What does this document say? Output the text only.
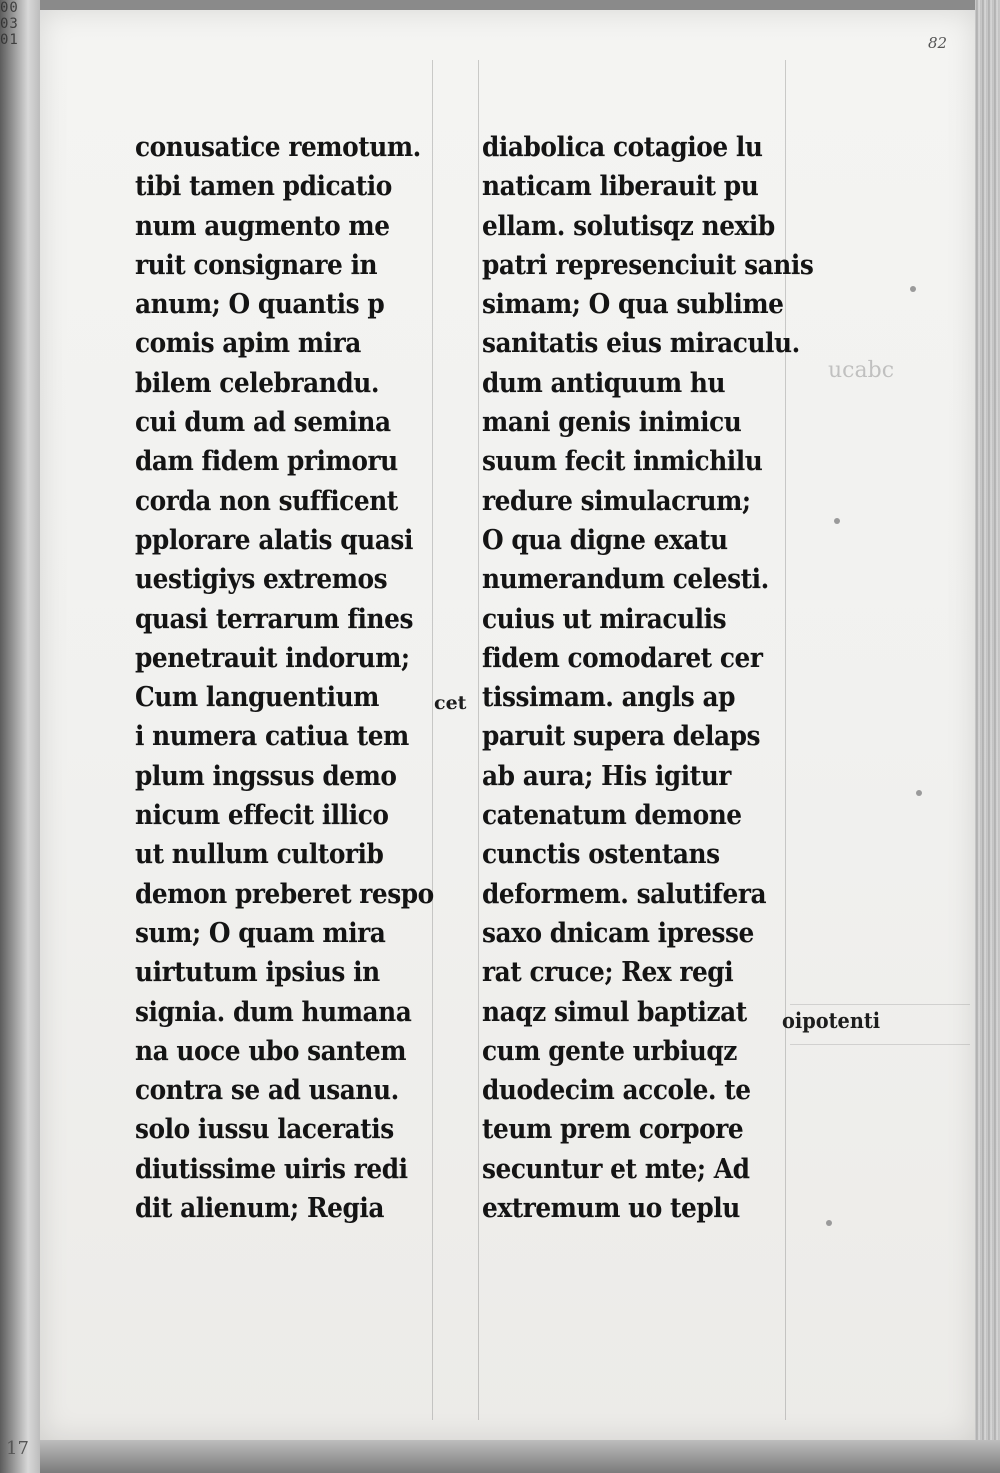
00 03 01
17
82
ucabc
conusatice remotum.
tibi tamen pdicatio
num augmento me
ruit consignare in
anum; O quantis p
comis apim mira
bilem celebrandu.
cui dum ad semina
dam fidem primoru
corda non sufficent
pplorare alatis quasi
uestigiys extremos
quasi terrarum fines
penetrauit indorum;
Cum languentium
i numera catiua tem
plum ingssus demo
nicum effecit illico
ut nullum cultorib
demon preberet respo
sum; O quam mira
uirtutum ipsius in
signia. dum humana
na uoce ubo santem
contra se ad usanu.
solo iussu laceratis
diutissime uiris redi
dit alienum; Regia
diabolica cotagioe lu
naticam liberauit pu
ellam. solutisqz nexib
patri represenciuit sanis
simam; O qua sublime
sanitatis eius miraculu.
dum antiquum hu
mani genis inimicu
suum fecit inmichilu
redure simulacrum;
O qua digne exatu
numerandum celesti.
cuius ut miraculis
fidem comodaret cer
tissimam. angls ap
paruit supera delaps
ab aura; His igitur
catenatum demone
cunctis ostentans
deformem. salutifera
saxo dnicam ipresse
rat cruce; Rex regi
naqz simul baptizat
cum gente urbiuqz
duodecim accole. te
teum prem corpore
secuntur et mte; Ad
extremum uo teplu
cet
oipotenti
